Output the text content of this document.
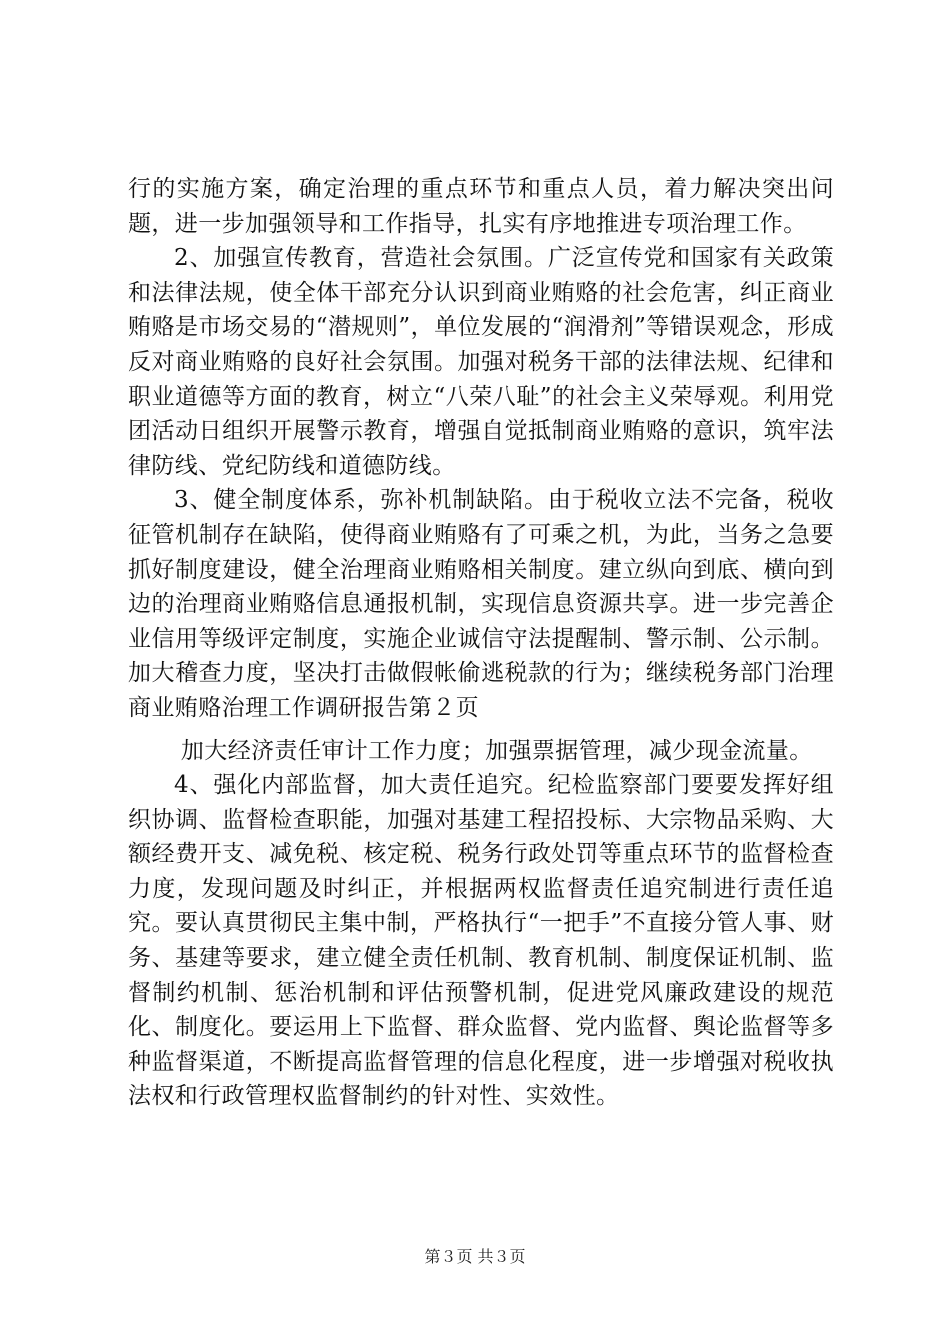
行的实施方案，确定治理的重点环节和重点人员，着力解决突出问题，进一步加强领导和工作指导，扎实有序地推进专项治理工作。

2、加强宣传教育，营造社会氛围。广泛宣传党和国家有关政策和法律法规，使全体干部充分认识到商业贿赂的社会危害，纠正商业贿赂是市场交易的“潜规则”，单位发展的“润滑剂”等错误观念，形成反对商业贿赂的良好社会氛围。加强对税务干部的法律法规、纪律和职业道德等方面的教育，树立“八荣八耻”的社会主义荣辱观。利用党团活动日组织开展警示教育，增强自觉抵制商业贿赂的意识，筑牢法律防线、党纪防线和道德防线。

3、健全制度体系，弥补机制缺陷。由于税收立法不完备，税收征管机制存在缺陷，使得商业贿赂有了可乘之机，为此，当务之急要抓好制度建设，健全治理商业贿赂相关制度。建立纵向到底、横向到边的治理商业贿赂信息通报机制，实现信息资源共享。进一步完善企业信用等级评定制度，实施企业诚信守法提醒制、警示制、公示制。加大稽查力度，坚决打击做假帐偷逃税款的行为；继续税务部门治理商业贿赂治理工作调研报告第２页

加大经济责任审计工作力度；加强票据管理，减少现金流量。

4、强化内部监督，加大责任追究。纪检监察部门要要发挥好组织协调、监督检查职能，加强对基建工程招投标、大宗物品采购、大额经费开支、减免税、核定税、税务行政处罚等重点环节的监督检查力度，发现问题及时纠正，并根据两权监督责任追究制进行责任追究。要认真贯彻民主集中制，严格执行“一把手”不直接分管人事、财务、基建等要求，建立健全责任机制、教育机制、制度保证机制、监督制约机制、惩治机制和评估预警机制，促进党风廉政建设的规范化、制度化。要运用上下监督、群众监督、党内监督、舆论监督等多种监督渠道，不断提高监督管理的信息化程度，进一步增强对税收执法权和行政管理权监督制约的针对性、实效性。

第３页 共３页
